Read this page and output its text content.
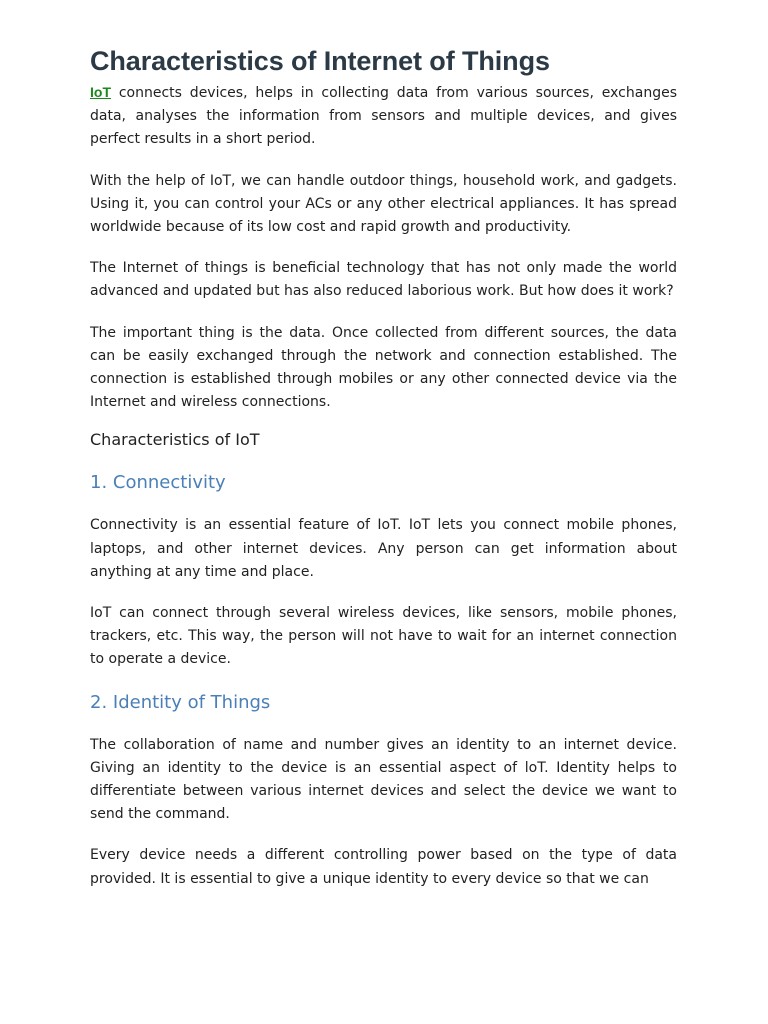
Characteristics of Internet of Things

IoT connects devices, helps in collecting data from various sources, exchanges data, analyses the information from sensors and multiple devices, and gives perfect results in a short period.

With the help of IoT, we can handle outdoor things, household work, and gadgets. Using it, you can control your ACs or any other electrical appliances. It has spread worldwide because of its low cost and rapid growth and productivity.

The Internet of things is beneficial technology that has not only made the world advanced and updated but has also reduced laborious work. But how does it work?

The important thing is the data. Once collected from different sources, the data can be easily exchanged through the network and connection established. The connection is established through mobiles or any other connected device via the Internet and wireless connections.

Characteristics of IoT
1. Connectivity

Connectivity is an essential feature of IoT. IoT lets you connect mobile phones, laptops, and other internet devices. Any person can get information about anything at any time and place.

IoT can connect through several wireless devices, like sensors, mobile phones, trackers, etc. This way, the person will not have to wait for an internet connection to operate a device.

2. Identity of Things

The collaboration of name and number gives an identity to an internet device. Giving an identity to the device is an essential aspect of loT. Identity helps to differentiate between various internet devices and select the device we want to send the command.

Every device needs a different controlling power based on the type of data provided. It is essential to give a unique identity to every device so that we can
